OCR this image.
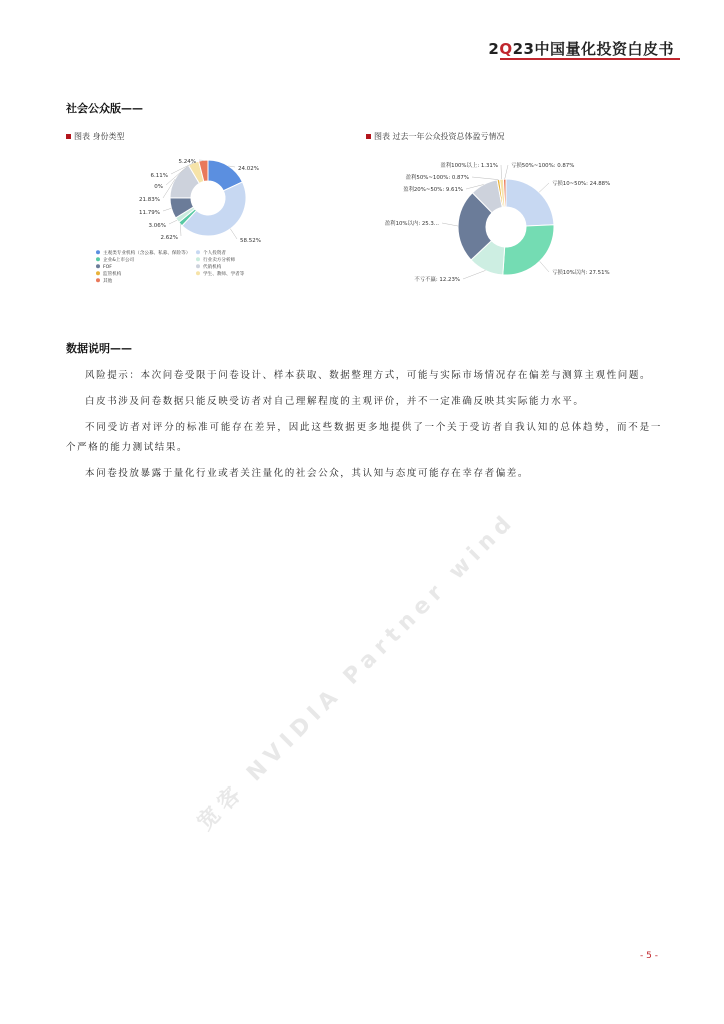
2Q23中国量化投资白皮书
宽客 NVIDIA Partner wind
社会公众版——
图表 身份类型	图表 过去一年公众投资总体盈亏情况
24.02%
58.52%
2.62%
3.06%
11.79%
21.83%
0%
6.11%
5.24%
主观类专业机构（含公募、私募、保险等）	个人投资者
企业&上市公司	行业卖方分析师
FOF	代销机构
监管机构	学生、教师、学者等
其他
亏损10~50%: 24.88%
亏损10%以内: 27.51%
不亏不赢: 12.23%
盈利10%以内: 25.3...
盈利20%~50%: 9.61%
盈利50%~100%: 0.87%
盈利100%以上: 1.31% 亏损50%~100%: 0.87%
数据说明——

风险提示：本次问卷受限于问卷设计、样本获取、数据整理方式，可能与实际市场情况存在偏差与测算主观性问题。

白皮书涉及问卷数据只能反映受访者对自己理解程度的主观评价，并不一定准确反映其实际能力水平。

不同受访者对评分的标准可能存在差异，因此这些数据更多地提供了一个关于受访者自我认知的总体趋势，而不是一个严格的能力测试结果。

本问卷投放暴露于量化行业或者关注量化的社会公众，其认知与态度可能存在幸存者偏差。

- 5 -
